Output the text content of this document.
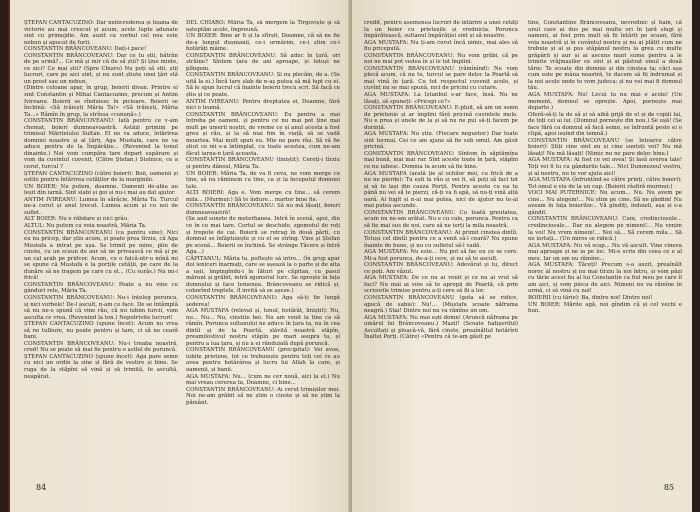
ȘTEFAN CANTACUZINO: Dar neîncrederea și teama de victorie au mai crescut și acum, acele lupte adunate sint cu primejdie. Am auzit ca vorbul cel nou este nebun și apucat de furii.

CONSTANTIN BRÂNCOVEANU: Dați-i pace!

CONSTANTIN BRÂNCOVEANU: Dar ce tu știi, bătrân de pe urmă?... Ce mă și mir că de să știi? Și ține minte, ce zici? Ce mai știi? (Spre Chiaro) Nu poți să stii, știi lucruri, care pe aici sint, și nu sunt știute unei țări stă un prost sau un nebun.

(Dintre coloane apar, în grup, boierii divan. Printre ei sint Constantin și Mihai Cantacuzino, precum și Antim Ivireanu. Boierii se rînduiesc în picioare. Boierii se închină: «Să trăiești Măria Ta!» «Să trăiești, Măria Ta...» Rămîn în grup, la strînsa «cunună».)

CONSTANTIN BRÂNCOVEANU: Iată pentru ce v-am chemat, boieri dumneavoastră. Astăzi primim pe trimisul Măriteiului Sultan. El ne va aduce, întărirea domniei noastre și al țării, Aga Mustafa, care ne va aduce pentru de la Împărăție... (Revenind la tonul dinainte.) Noi vom cumpăra tare depart supărare și vom da cuvintul cuvenit. (Către Ștefan.) Stolnice, ce a cerut, turcul ?

ȘTEFAN CANTACUZINO (către boieri): Boii, oamenii și ostile pentru întărirea cetăților de la marginile.

UN BOIER: Nu putem, doamne. Oamenii de-abia au ieșit din iarnă. Sint slabi și goi și nu-i mai au dat ajutor.

ANTIM IVIREANU: Lumea în sărăcie, Măria Ta. Turcul ne-a cerut și anul trecut. Lumea acum și cu noi de suflet.

ALT BOIER: Nu e răbdare și nici grâu.

ALTUL: Nu putem cu voia noastră, Măria Ta.

CONSTANTIN BRÂNCOVEANU (ca pentru sine): Nici eu nu pricep, dar știu acum, și poate prea tîrziu, că Aga Mustafa a intrat pe ușa. Se trimit pe mine, plin de cinste, cu un scaun de aur să ne privească ce mă și pe un cal arab pe pridvor. Acum, cu o falcă-ntr-o mînă mi se spune că Mustafa e la porțile cetății, pe care de la dunăre să ne tragem pe care cu el... (Cu surâs.) Nu mi-i frică!

CONSTANTIN BRÂNCOVEANU: Poate a nu vine cu gânduri rele, Măria Ta.

CONSTANTIN BRÂNCOVEANU: Nu-i înțeleg porunca, și nici vorbele! De-l ascult, n-am ce face. De se întâmplă să nu ne-o spună că vine rău, că nu iubim turcii, vom asculta ce vrea. (Revenind la ton.) Nepotrivite lucruri!

ȘTEFAN CANTACUZINO (spune încet): Acum nu vrea să ne tulbure, nu poate pentru și tare, ci să ne ceară bani.

CONSTANTIN BRÂNCOVEANU: Nu-i treaba noastră, cred! Nu se poate să mai fie pentru o astfel de poruncă.

ȘTEFAN CANTACUZINO (spune încet): Aga pare semn cu nici un ordin la sine și fără de vestire și bine. Se ruga de la stăpîni să vină și să trimită, te ascultă, neapărat.

DEL CHIARO: Măria Ta, să mergem la Tîrgoviște și să așteptăm acolo, împreună.

UN BOIER: Bine ar fi și la sfîrșit, Doamne, că să ne fie de-a lungul dușmanii, ce-i urmărim, ce-i știm ce-i hotărâți mâine.

CONSTANTIN BRÂNCOVEANU: Să aduc în țară, ori străine? Sîntem țara de ani aproape, și totuși ne plîngem.

CONSTANTIN BRÂNCOVEANU: Și nu plecăm, de a. (Se uită la ei.) Încă tare slab de n-aș putea să mă lupt cu ei. Să le spun lucrul că înainte boierii trecu scri. Să facă ce știu și ce poate.

ANTIM IVIREANU: Pentru dreptatea ei, Doamne, fără nici o teamă.

CONSTANTIN BRÂNCOVEANU: Eu pentru a mai întreba pe oameni, și pentru ce nu mai pot ține mai mult pe umerii noștri, de vreme ce și anul acesta a fost greu și rău, și la să mai fim în viață, să se vadă moartea. Mai mult spun eu. Mie ne pare rău. Să vă fie știut ce mi s-a întîmplat, cu toate acestea, cum ne-am făcut iarna-n țară aceasta.

CONSTANTIN BRÂNCOVEANU (liniștit): Cereți-i tîrziu și pentru dânsul, Măria Ta.

UN BOIER: Măria Ta, de va fi ceva, ne vom merge cu tine, să nu răminem cu tine, ca și la începutul domniei tale.

ALTI BOIERI: Aga e. Vom merge cu tine... să cerem mila... (Murmur.) Să te îndure... martor bine fie.

CONSTANTIN BRÂNCOVEANU: Să nu mă lăsați, boieri dumneavoastră!

(Se aud sunete de meterhanea. Intră în scenă, apoi, din ce în ce mai tare. Cortul se deschide, zgomotul de roți și tropote de cai. Boierii se retrag în două părți, cu domnul se înfăptuiește și cu el se strîng. Vine și Ștefan pe scenă... Boierii se închină. Se strânge Tăcere și întră Aga...)

CĂPITANUL: Măria ta, poftește să intre... (în grup apar doi ieniceri înarmați, care se așează la o parte și de alta a ușii, împingîndu-i în lături pe căpitan, cu pasul mărunt și grăbit, intră zgomotul turc. Se oprește în fața domnului și face temenea. Brâncoveanu se ridică și, coborînd treptele, îl invită să se așeze.)

CONSTANTIN BRÂNCOVEANU: Aga să-ți fie lungă șederea!

AGA MUSTAFA (relevat și, tonul, hotărât, liniștit): Nu, nu... Nu... Nu, cinstite bei. Nu am venit la tine ca să rămîn. Porunca sultanului ne aduce în țara ta, nu în cea dintîi și de la Poartă, slăvită noastră stăpîn, preamilostivul nostru stăpîn pe mari asupra ta, și pentru a lua țara, și nu a ei rânduială după poruncă.

CONSTANTIN BRÂNCOVEANU (precipitat): Vei avea, iubite prietene, tot ce trebuiește pentru toți cei ce au avea pentru hotărârea și lucru lui Allah la care, și oamenii, și banii.

AGA MUSTAFA: Nu... (cum ne cer nouă, aici la el.) Nu mai vreau cererea ta, Doamne, ci bine...

CONSTANTIN BRÂNCOVEANU: Ai cerut trimișilor mei. Noi ne-am grăbit să ne știm o cinste și să ne știm la pământ.

84

credit, pentru asemenea lucruri de întărire a unei cetăți la un boier cu prieteșile și vrednicia. Porunca împărătească, sultanul împărăției sint și să noastre.

AGA MUSTAFA: Nu ți-am cerut încă nimic, mai ales să fiu pricepută.

CONSTANTIN BRÂNCOVEANU: Nu vom grăbi, că pe noi ne mai pot vedea în și le tot împlini.

CONSTANTIN BRÂNCOVEANU (rămînînd): Ne vom plecă acum, că nu tu, turcul se pare deloc la Poartă să mai vină în țară. Cu tot respectul cuvenit acolo, și cuvînt nu se mai spună, nici de pricini cu cutare.

AGA MUSTAFA: La Istanbul s-ar face, însă. Nu ne lăsați, să spuneți: «Pricepi ce?»

CONSTANTIN BRÂNCOVEANU: E-pluit, să am un semn de prietenie și ar împlini fără pricină cuvintele mele. Nu e prea și unele de la și să nu ne pui să-ți facem pe dorință.

AGA MUSTAFA: Nu știu. (Fiecare negustor.) Dar toate sint tocmai. Cei ce am ajuns să fie sub omul. Am găsit pricină.

CONSTANTIN BRÂNCOVEANU: Sîntem în săptămîna mai bună, mai mai rar. Sînt aceste toate în țară, stăpîni ce nu iubesc. Domnia ta acum să fie bine.

AGA MUSTAFA (arată ție al ochilor mei, cu frică de a nu ne pierde): Tu ești la rău și vei fi, să poți să faci tot și să te lași din cauza Porții. Pentru aceste cu ea tu până nu vei să te pierzi, că-ți va fi apă, să nu-ți vină altă oară. Ai fugit și n-ai mai putea, nici de ajutor nu te-ai mai putea ascunde.

CONSTANTIN BRÂNCOVEANU: Cu toată greutatea, acum nu ne-am arătat. Nu e cu cale, porunca. Pentru ca să fie mai sus de noi, care să ne ierți la mila noastră.

CONSTANTIN BRÂNCOVEANU: Ai primit cinstea dintîi. Totuși cel dintîi pentru ce a venit să-l ceară? Nu spune înainte de bune, și nu cu sufletul să-l vadă.

AGA MUSTAFA: Nu este... Nu pot să fac eu ce se cere. Mi-a fost porunca, de-a-ți cere, și nu să te ascult.

CONSTANTIN BRÂNCOVEANU: Adevărat și tu, direct ce poți. Am văzut.

AGA MUSTAFA: De ce nu ai venit și ce nu ai vrut să faci? Nu mai ai voie să te apropii de Poartă, că prin scrisorile trimise pentru a-ți cere să fii a lor.

CONSTANTIN BRÂNCOVEANU (gata să se ridice, apucă de sabie): Nu!... (Mustafa scoate năframa neagră.) Stai! Dintre noi nu va rămîne un om.

AGA MUSTAFA: Nu mai ești domn! (Aruncă năframa pe umărul lui Brâncoveanu.) Mazil! (Scoate hatișeriful) Ascultați și pleacă-vă, fără cinste, preaînăltul hotărîrii Înaltei Porți. (Către) «Pentru că te-am găsit pe

tine, Constantine Brâncoveanu, nevrednic și hain, că unul care ai dus pe mai multe ori în țară slugi și oameni, ai fost prin mult să fii întărit pe scaun, fără voia noastră și în cuvântul nostru și nu ai plătit cum ne trebuie și ai și pus stăpânul nostru la greu cu multe grăpârii și aur și ai ascuns mari sume pentru a le trimite vrăjmașilor ce sint și ai păstrat omul a două tărie: Te scoate din domnie și din cinstea ta; căci așa cum este pe mâna noastră, te ducem să fii îndrumat și la noi acolo unde te vom judeca; și nu vei mai fi domnul tău.

AGA MUSTAFA: Nu! Lecui tu nu mai e acolo! (Un moment, domnul se oprește. Apoi, pornește mai departe.)

Oferă-să-ți la de să și să aibă grijă de el și de copiii lui, de toți cei ai lui. (Domnul pornește din nou.) Se ușă! (Se face fără ca domnul să facă semn, se înfruntă peste ei o clipă, apoi ieșind din temnă.)

CONSTANTIN BRÂNCOVEANU (se întoarce către boieri): Știți cine sint eu și cine sunteți voi? Nu mă lăsați! Nu mă lăsați! (Nimic nu ne pare deloc bine.)

AGA MUSTAFA: Ai fost ce vei avea! Și lasă averea tale! Toți vei fi tu cu gândurile tale... Nici Dumnezeul vostru, și al nostru, nu te vor ajuta aici!

AGA MUSTAFA (înfruntînd-se către prinți, către boieri): Tot omul e viu de la un cap. (Boierii răsfiră murmur.)

VOCI MAI PUTERNICE: Nu acum... Nu. Nu avem pe cine... Nu alegem!... Nu știm pe cine. Să ne gîndim! Nu aveam în fața boierilor... Vă gîndiți, îndoieli, așa și s-a gândit.

CONSTANTIN BRÂNCOVEANU: Cum, credinciosule... credinciosule... Dar nu alegem pe nimeni!... Nu venim la voi! Nu vrem nimeni!... Noi să... Să cerem mila... Să ne iertați... (Un miros se ridică.)

AGA MUSTAFA: Nu vă scap... Nu vă ascult. Vine cineva mai aproape și ne ia pe loc. Mi-e scris din ceea ce e al meu. Iar un om nu rămîne...

AGA MUSTAFA: Tăceți! Precum s-a auzit, preaînălt noroc al nostru și nu mai tîrziu la noi întru, și vom păzi cu tărie acest fiu al lui Constantin ca fiul meu pe care îl am aici, și vom pleca de aici. Nimeni nu va rămîne în urmă, ci să vină cu noi!

BOIERII (cu tărie): Ba, dintre noi! Dintre noi!

UN BOIER: Mărite agă, noi gîndim că și cel vechi e bun.

85
